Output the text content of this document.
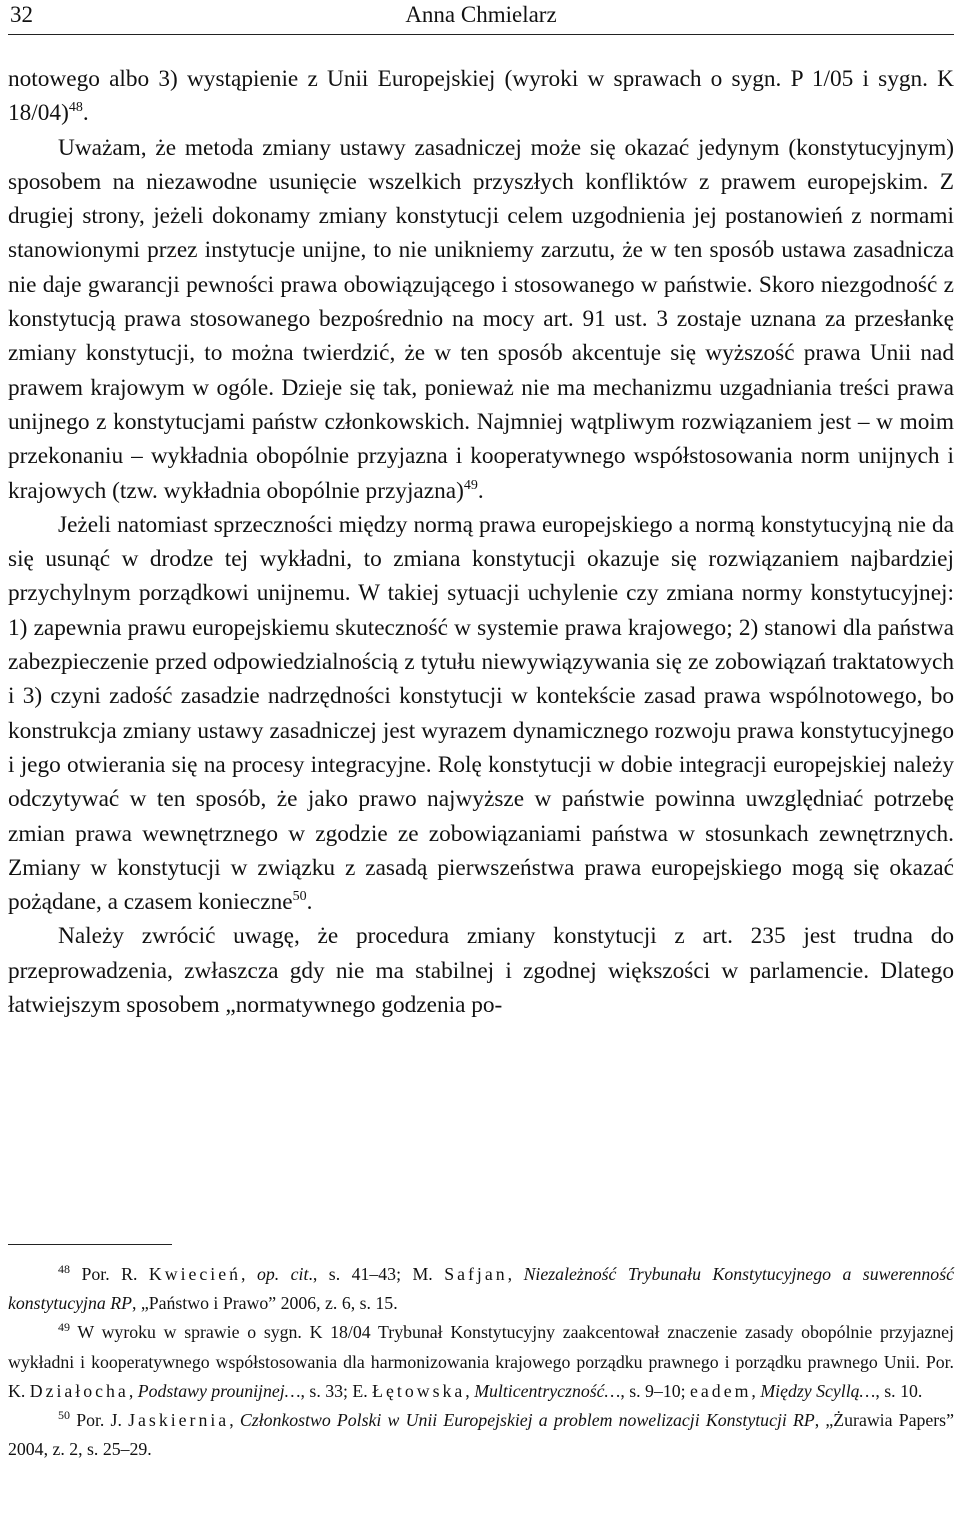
32	Anna Chmielarz

notowego albo 3) wystąpienie z Unii Europejskiej (wyroki w sprawach o sygn. P 1/05 i sygn. K 18/04)$^{48}$.

Uważam, że metoda zmiany ustawy zasadniczej może się okazać jedynym (konstytucyjnym) sposobem na niezawodne usunięcie wszelkich przyszłych konfliktów z prawem europejskim. Z drugiej strony, jeżeli dokonamy zmiany konstytucji celem uzgodnienia jej postanowień z normami stanowionymi przez instytucje unijne, to nie unikniemy zarzutu, że w ten sposób ustawa zasadnicza nie daje gwarancji pewności prawa obowiązującego i stosowanego w państwie. Skoro niezgodność z konstytucją prawa stosowanego bezpośrednio na mocy art. 91 ust. 3 zostaje uznana za przesłankę zmiany konstytucji, to można twierdzić, że w ten sposób akcentuje się wyższość prawa Unii nad prawem krajowym w ogóle. Dzieje się tak, ponieważ nie ma mechanizmu uzgadniania treści prawa unijnego z konstytucjami państw członkowskich. Najmniej wątpliwym rozwiązaniem jest – w moim przekonaniu – wykładnia obopólnie przyjazna i kooperatywnego współstosowania norm unijnych i krajowych (tzw. wykładnia obopólnie przyjazna)$^{49}$.

Jeżeli natomiast sprzeczności między normą prawa europejskiego a normą konstytucyjną nie da się usunąć w drodze tej wykładni, to zmiana konstytucji okazuje się rozwiązaniem najbardziej przychylnym porządkowi unijnemu. W takiej sytuacji uchylenie czy zmiana normy konstytucyjnej: 1) zapewnia prawu europejskiemu skuteczność w systemie prawa krajowego; 2) stanowi dla państwa zabezpieczenie przed odpowiedzialnością z tytułu niewywiązywania się ze zobowiązań traktatowych i 3) czyni zadość zasadzie nadrzędności konstytucji w kontekście zasad prawa wspólnotowego, bo konstrukcja zmiany ustawy zasadniczej jest wyrazem dynamicznego rozwoju prawa konstytucyjnego i jego otwierania się na procesy integracyjne. Rolę konstytucji w dobie integracji europejskiej należy odczytywać w ten sposób, że jako prawo najwyższe w państwie powinna uwzględniać potrzebę zmian prawa wewnętrznego w zgodzie ze zobowiązaniami państwa w stosunkach zewnętrznych. Zmiany w konstytucji w związku z zasadą pierwszeństwa prawa europejskiego mogą się okazać pożądane, a czasem konieczne$^{50}$.

Należy zwrócić uwagę, że procedura zmiany konstytucji z art. 235 jest trudna do przeprowadzenia, zwłaszcza gdy nie ma stabilnej i zgodnej większości w parlamencie. Dlatego łatwiejszym sposobem „normatywnego godzenia po-

$^{48}$ Por. R. Kwiecień, op. cit., s. 41–43; M. Safjan, Niezależność Trybunału Konstytucyjnego a suwerenność konstytucyjna RP, „Państwo i Prawo” 2006, z. 6, s. 15.

$^{49}$ W wyroku w sprawie o sygn. K 18/04 Trybunał Konstytucyjny zaakcentował znaczenie zasady obopólnie przyjaznej wykładni i kooperatywnego współstosowania dla harmonizowania krajowego porządku prawnego i porządku prawnego Unii. Por. K. Działocha, Podstawy prounijnej…, s. 33; E. Łętowska, Multicentryczność…, s. 9–10; eadem, Między Scyllą…, s. 10.

$^{50}$ Por. J. Jaskiernia, Członkostwo Polski w Unii Europejskiej a problem nowelizacji Konstytucji RP, „Żurawia Papers” 2004, z. 2, s. 25–29.
